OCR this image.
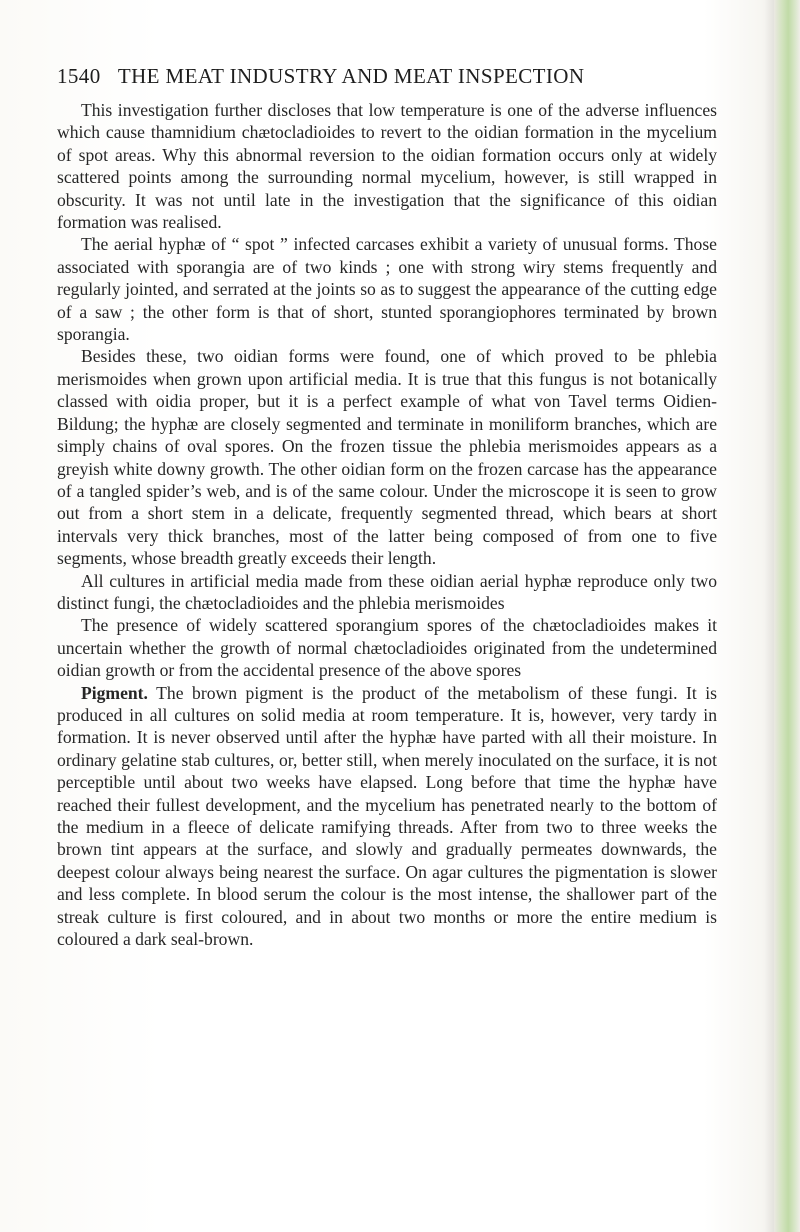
1540 THE MEAT INDUSTRY AND MEAT INSPECTION

This investigation further discloses that low temperature is one of the adverse influences which cause thamnidium chætocladioides to revert to the oidian formation in the mycelium of spot areas. Why this abnormal reversion to the oidian formation occurs only at widely scattered points among the surrounding normal mycelium, however, is still wrapped in obscurity. It was not until late in the investigation that the significance of this oidian formation was realised.

The aerial hyphæ of “ spot ” infected carcases exhibit a variety of unusual forms. Those associated with sporangia are of two kinds ; one with strong wiry stems frequently and regularly jointed, and serrated at the joints so as to suggest the appearance of the cutting edge of a saw ; the other form is that of short, stunted sporangiophores terminated by brown sporangia.

Besides these, two oidian forms were found, one of which proved to be phlebia merismoides when grown upon artificial media. It is true that this fungus is not botanically classed with oidia proper, but it is a perfect example of what von Tavel terms Oidien-Bildung; the hyphæ are closely segmented and terminate in moniliform branches, which are simply chains of oval spores. On the frozen tissue the phlebia merismoides appears as a greyish white downy growth. The other oidian form on the frozen carcase has the appearance of a tangled spider’s web, and is of the same colour. Under the microscope it is seen to grow out from a short stem in a delicate, frequently segmented thread, which bears at short intervals very thick branches, most of the latter being composed of from one to five segments, whose breadth greatly exceeds their length.

All cultures in artificial media made from these oidian aerial hyphæ reproduce only two distinct fungi, the chætocladioides and the phlebia merismoides

The presence of widely scattered sporangium spores of the chætocladioides makes it uncertain whether the growth of normal chætocladioides originated from the undetermined oidian growth or from the accidental presence of the above spores

Pigment. The brown pigment is the product of the metabolism of these fungi. It is produced in all cultures on solid media at room temperature. It is, however, very tardy in formation. It is never observed until after the hyphæ have parted with all their moisture. In ordinary gelatine stab cultures, or, better still, when merely inoculated on the surface, it is not perceptible until about two weeks have elapsed. Long before that time the hyphæ have reached their fullest development, and the mycelium has penetrated nearly to the bottom of the medium in a fleece of delicate ramifying threads. After from two to three weeks the brown tint appears at the surface, and slowly and gradually permeates downwards, the deepest colour always being nearest the surface. On agar cultures the pigmentation is slower and less complete. In blood serum the colour is the most intense, the shallower part of the streak culture is first coloured, and in about two months or more the entire medium is coloured a dark seal-brown.
